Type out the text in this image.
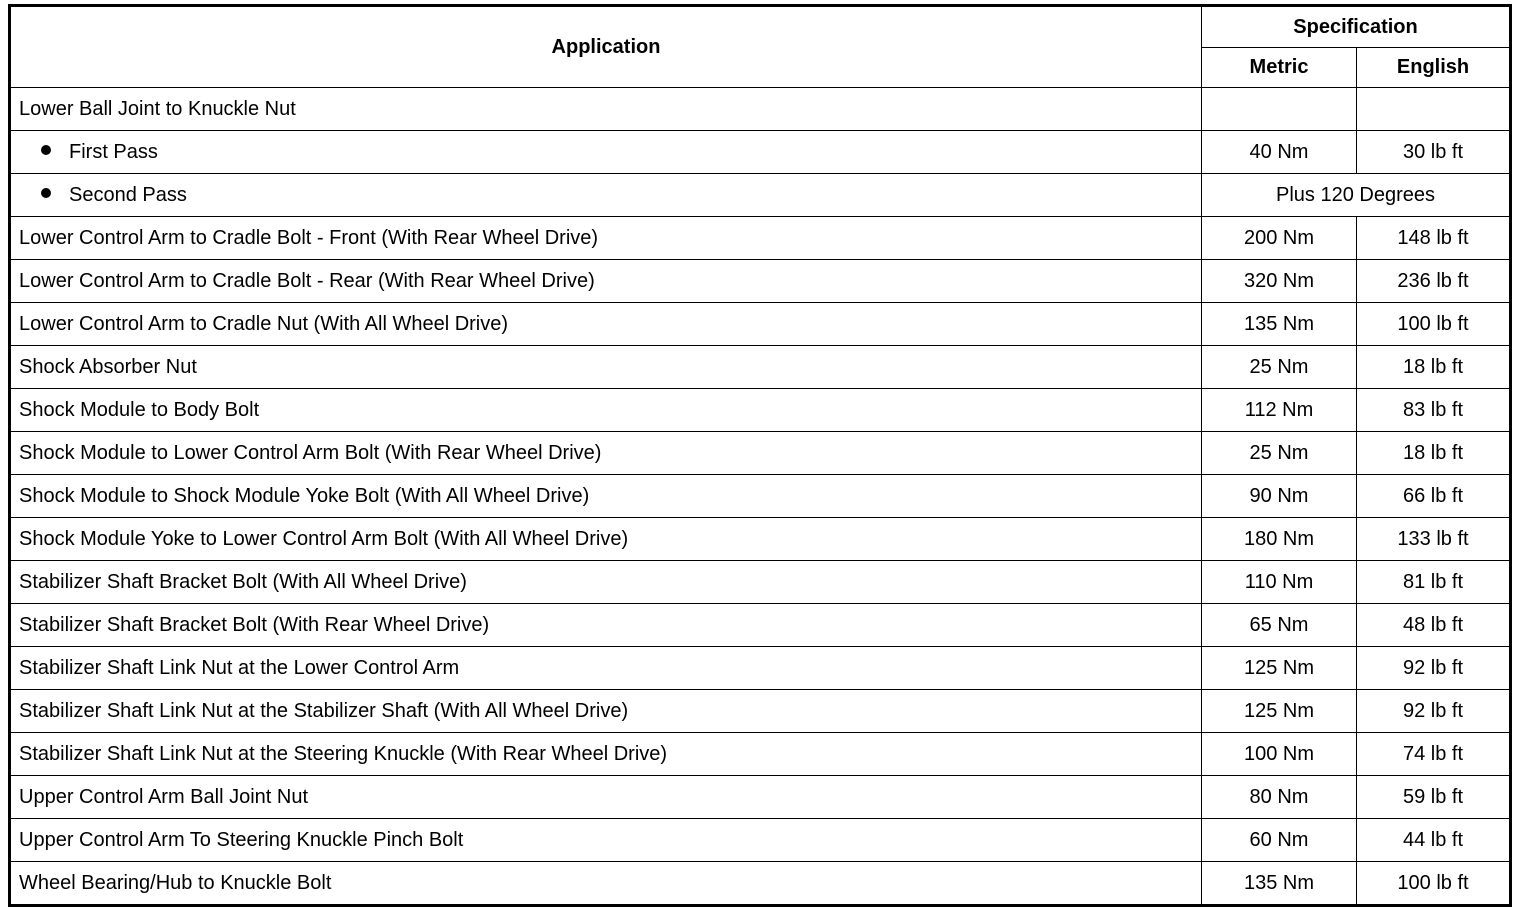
Application	Specification	
	Metric	English
Lower Ball Joint to Knuckle Nut		
First Pass	40 Nm	30 lb ft
Second Pass	Plus 120 Degrees	
Lower Control Arm to Cradle Bolt - Front (With Rear Wheel Drive)	200 Nm	148 lb ft
Lower Control Arm to Cradle Bolt - Rear (With Rear Wheel Drive)	320 Nm	236 lb ft
Lower Control Arm to Cradle Nut (With All Wheel Drive)	135 Nm	100 lb ft
Shock Absorber Nut	25 Nm	18 lb ft
Shock Module to Body Bolt	112 Nm	83 lb ft
Shock Module to Lower Control Arm Bolt (With Rear Wheel Drive)	25 Nm	18 lb ft
Shock Module to Shock Module Yoke Bolt (With All Wheel Drive)	90 Nm	66 lb ft
Shock Module Yoke to Lower Control Arm Bolt (With All Wheel Drive)	180 Nm	133 lb ft
Stabilizer Shaft Bracket Bolt (With All Wheel Drive)	110 Nm	81 lb ft
Stabilizer Shaft Bracket Bolt (With Rear Wheel Drive)	65 Nm	48 lb ft
Stabilizer Shaft Link Nut at the Lower Control Arm	125 Nm	92 lb ft
Stabilizer Shaft Link Nut at the Stabilizer Shaft (With All Wheel Drive)	125 Nm	92 lb ft
Stabilizer Shaft Link Nut at the Steering Knuckle (With Rear Wheel Drive)	100 Nm	74 lb ft
Upper Control Arm Ball Joint Nut	80 Nm	59 lb ft
Upper Control Arm To Steering Knuckle Pinch Bolt	60 Nm	44 lb ft
Wheel Bearing/Hub to Knuckle Bolt	135 Nm	100 lb ft
